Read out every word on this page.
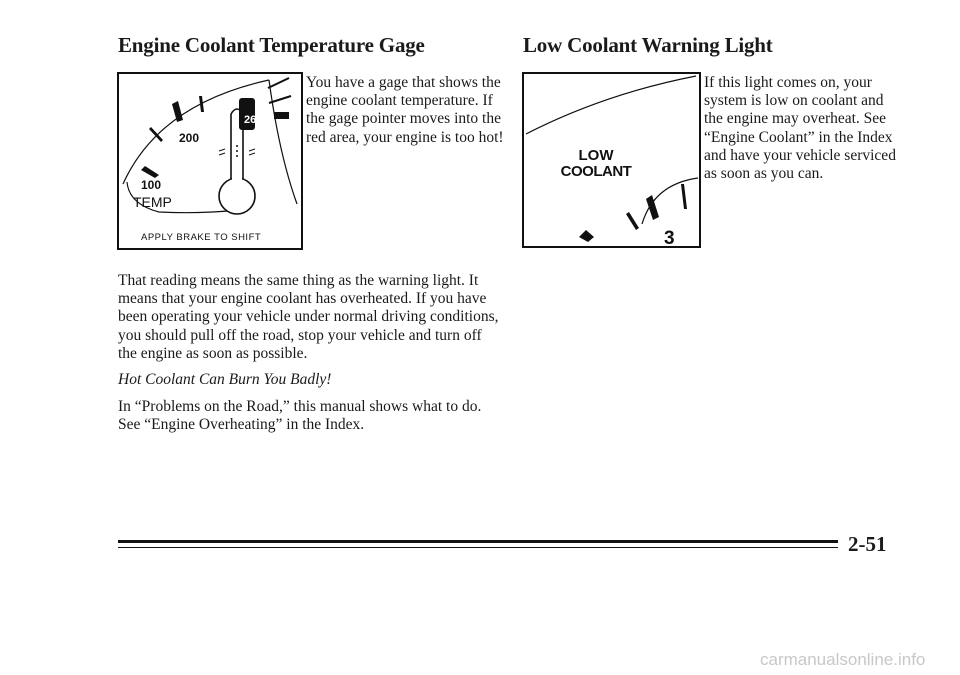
Engine Coolant Temperature Gage
260
200
100
TEMP
APPLY BRAKE TO SHIFT

You have a gage that shows the engine coolant temperature. If the gage pointer moves into the red area, your engine is too hot!

That reading means the same thing as the warning light. It means that your engine coolant has overheated. If you have been operating your vehicle under normal driving conditions, you should pull off the road, stop your vehicle and turn off the engine as soon as possible.

Hot Coolant Can Burn You Badly!

In “Problems on the Road,” this manual shows what to do. See “Engine Overheating” in the Index.

Low Coolant Warning Light
LOW
COOLANT
3

If this light comes on, your system is low on coolant and the engine may overheat. See “Engine Coolant” in the Index and have your vehicle serviced as soon as you can.

2-51

carmanualsonline.info
